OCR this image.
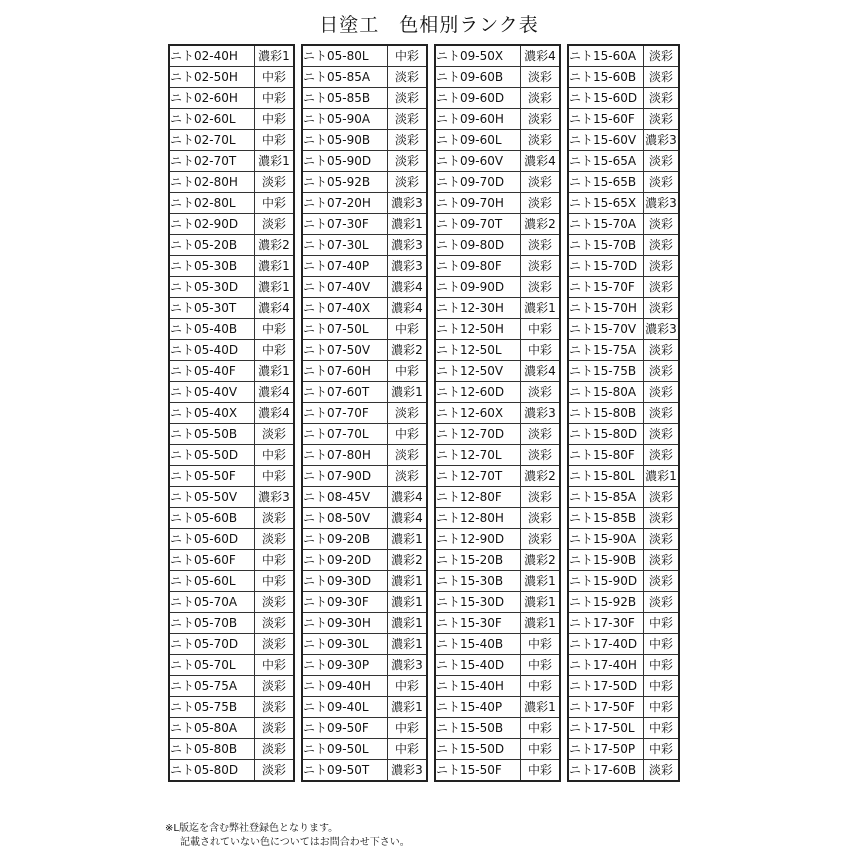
日塗工　色相別ランク表
ニト02-40H	濃彩1
ニト02-50H	中彩
ニト02-60H	中彩
ニト02-60L	中彩
ニト02-70L	中彩
ニト02-70T	濃彩1
ニト02-80H	淡彩
ニト02-80L	中彩
ニト02-90D	淡彩
ニト05-20B	濃彩2
ニト05-30B	濃彩1
ニト05-30D	濃彩1
ニト05-30T	濃彩4
ニト05-40B	中彩
ニト05-40D	中彩
ニト05-40F	濃彩1
ニト05-40V	濃彩4
ニト05-40X	濃彩4
ニト05-50B	淡彩
ニト05-50D	中彩
ニト05-50F	中彩
ニト05-50V	濃彩3
ニト05-60B	淡彩
ニト05-60D	淡彩
ニト05-60F	中彩
ニト05-60L	中彩
ニト05-70A	淡彩
ニト05-70B	淡彩
ニト05-70D	淡彩
ニト05-70L	中彩
ニト05-75A	淡彩
ニト05-75B	淡彩
ニト05-80A	淡彩
ニト05-80B	淡彩
ニト05-80D	淡彩
ニト05-80L	中彩
ニト05-85A	淡彩
ニト05-85B	淡彩
ニト05-90A	淡彩
ニト05-90B	淡彩
ニト05-90D	淡彩
ニト05-92B	淡彩
ニト07-20H	濃彩3
ニト07-30F	濃彩1
ニト07-30L	濃彩3
ニト07-40P	濃彩3
ニト07-40V	濃彩4
ニト07-40X	濃彩4
ニト07-50L	中彩
ニト07-50V	濃彩2
ニト07-60H	中彩
ニト07-60T	濃彩1
ニト07-70F	淡彩
ニト07-70L	中彩
ニト07-80H	淡彩
ニト07-90D	淡彩
ニト08-45V	濃彩4
ニト08-50V	濃彩4
ニト09-20B	濃彩1
ニト09-20D	濃彩2
ニト09-30D	濃彩1
ニト09-30F	濃彩1
ニト09-30H	濃彩1
ニト09-30L	濃彩1
ニト09-30P	濃彩3
ニト09-40H	中彩
ニト09-40L	濃彩1
ニト09-50F	中彩
ニト09-50L	中彩
ニト09-50T	濃彩3
ニト09-50X	濃彩4
ニト09-60B	淡彩
ニト09-60D	淡彩
ニト09-60H	淡彩
ニト09-60L	淡彩
ニト09-60V	濃彩4
ニト09-70D	淡彩
ニト09-70H	淡彩
ニト09-70T	濃彩2
ニト09-80D	淡彩
ニト09-80F	淡彩
ニト09-90D	淡彩
ニト12-30H	濃彩1
ニト12-50H	中彩
ニト12-50L	中彩
ニト12-50V	濃彩4
ニト12-60D	淡彩
ニト12-60X	濃彩3
ニト12-70D	淡彩
ニト12-70L	淡彩
ニト12-70T	濃彩2
ニト12-80F	淡彩
ニト12-80H	淡彩
ニト12-90D	淡彩
ニト15-20B	濃彩2
ニト15-30B	濃彩1
ニト15-30D	濃彩1
ニト15-30F	濃彩1
ニト15-40B	中彩
ニト15-40D	中彩
ニト15-40H	中彩
ニト15-40P	濃彩1
ニト15-50B	中彩
ニト15-50D	中彩
ニト15-50F	中彩
ニト15-60A	淡彩
ニト15-60B	淡彩
ニト15-60D	淡彩
ニト15-60F	淡彩
ニト15-60V	濃彩3
ニト15-65A	淡彩
ニト15-65B	淡彩
ニト15-65X	濃彩3
ニト15-70A	淡彩
ニト15-70B	淡彩
ニト15-70D	淡彩
ニト15-70F	淡彩
ニト15-70H	淡彩
ニト15-70V	濃彩3
ニト15-75A	淡彩
ニト15-75B	淡彩
ニト15-80A	淡彩
ニト15-80B	淡彩
ニト15-80D	淡彩
ニト15-80F	淡彩
ニト15-80L	濃彩1
ニト15-85A	淡彩
ニト15-85B	淡彩
ニト15-90A	淡彩
ニト15-90B	淡彩
ニト15-90D	淡彩
ニト15-92B	淡彩
ニト17-30F	中彩
ニト17-40D	中彩
ニト17-40H	中彩
ニト17-50D	中彩
ニト17-50F	中彩
ニト17-50L	中彩
ニト17-50P	中彩
ニト17-60B	淡彩
※L版迄を含む弊社登録色となります。
記載されていない色についてはお問合わせ下さい。
